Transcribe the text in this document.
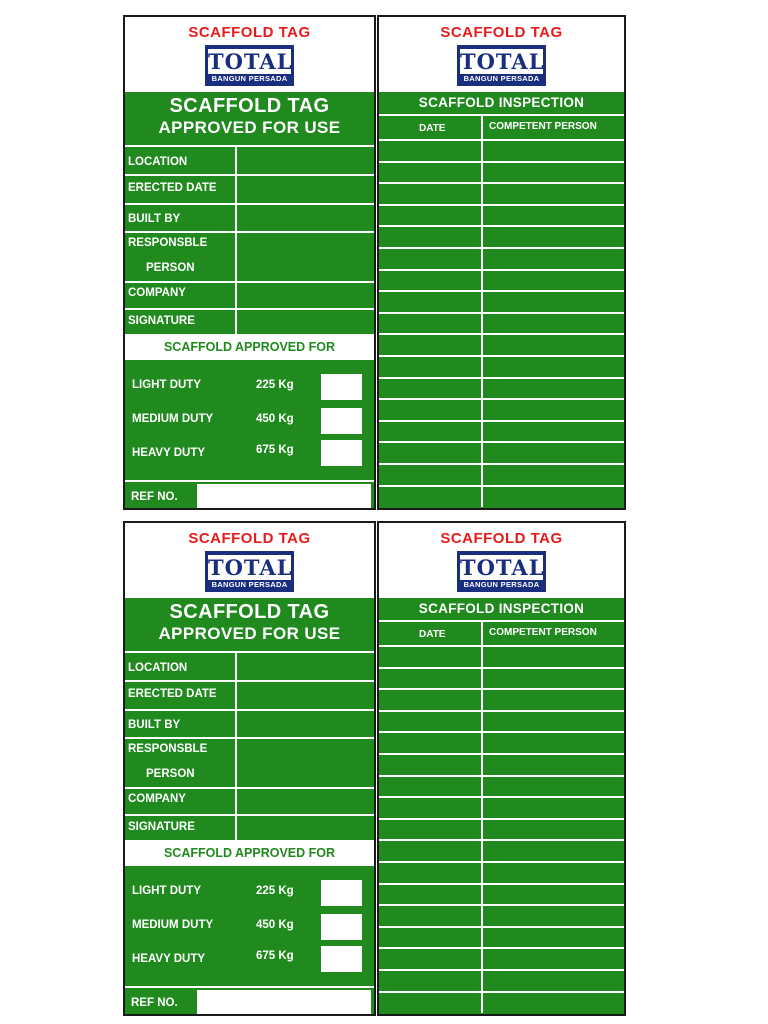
SCAFFOLD TAG
TOTAL
BANGUN PERSADA
SCAFFOLD TAG
APPROVED FOR USE
LOCATION
ERECTED DATE
BUILT BY
RESPONSBLE
PERSON
COMPANY
SIGNATURE
SCAFFOLD APPROVED FOR
LIGHT DUTY	225 Kg
MEDIUM DUTY	450 Kg
HEAVY DUTY	675 Kg
REF NO.
SCAFFOLD TAG
TOTAL
BANGUN PERSADA
SCAFFOLD INSPECTION
DATE	COMPETENT PERSON
SCAFFOLD TAG
TOTAL
BANGUN PERSADA
SCAFFOLD TAG
APPROVED FOR USE
LOCATION
ERECTED DATE
BUILT BY
RESPONSBLE
PERSON
COMPANY
SIGNATURE
SCAFFOLD APPROVED FOR
LIGHT DUTY	225 Kg
MEDIUM DUTY	450 Kg
HEAVY DUTY	675 Kg
REF NO.
SCAFFOLD TAG
TOTAL
BANGUN PERSADA
SCAFFOLD INSPECTION
DATE	COMPETENT PERSON
